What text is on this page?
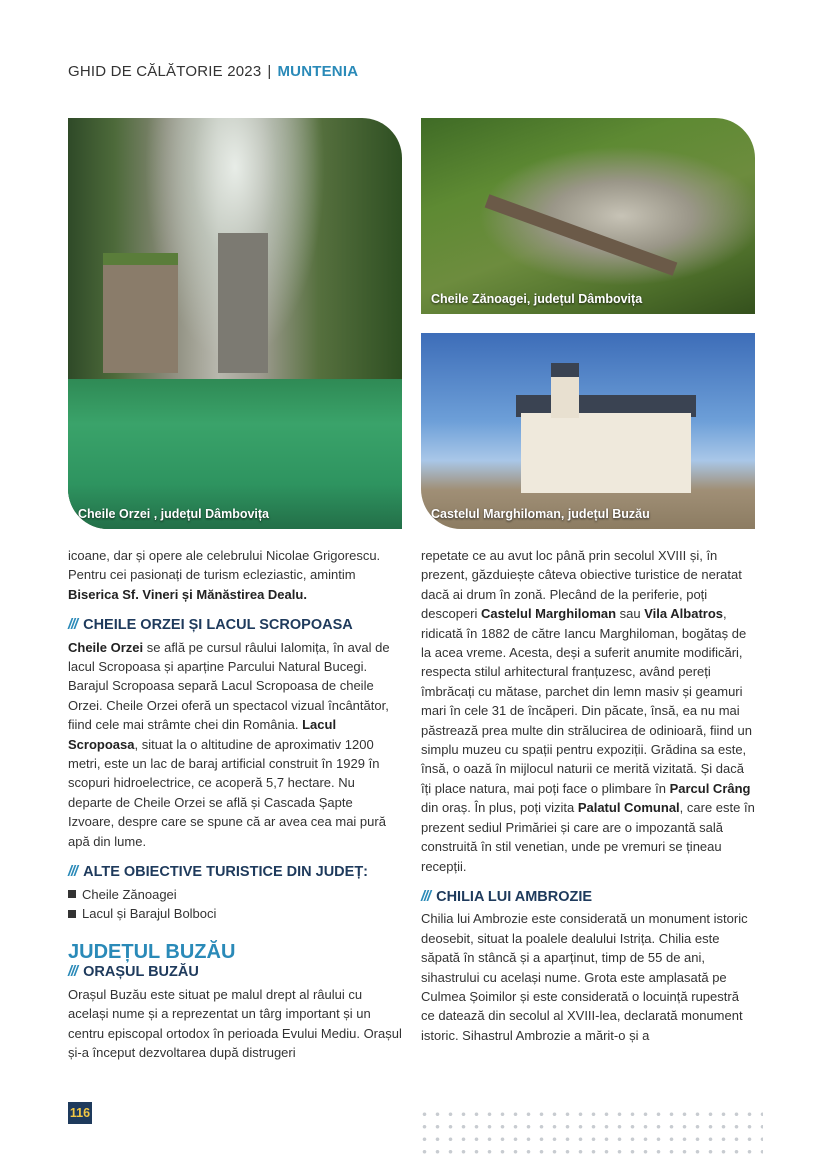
GHID DE CĂLĂTORIE 2023 | MUNTENIA
Cheile Orzei , județul Dâmbovița
Cheile Zănoagei, județul Dâmbovița
Castelul Marghiloman, județul Buzău

icoane, dar și opere ale celebrului Nicolae Grigorescu. Pentru cei pasionați de turism ecleziastic, amintim Biserica Sf. Vineri și Mănăstirea Dealu.

/// CHEILE ORZEI ȘI LACUL SCROPOASA

Cheile Orzei se află pe cursul râului Ialomița, în aval de lacul Scropoasa și aparține Parcului Natural Bucegi. Barajul Scropoasa separă Lacul Scropoasa de cheile Orzei. Cheile Orzei oferă un spectacol vizual încântător, fiind cele mai strâmte chei din România. Lacul Scropoasa, situat la o altitudine de aproximativ 1200 metri, este un lac de baraj artificial construit în 1929 în scopuri hidroelectrice, ce acoperă 5,7 hectare. Nu departe de Cheile Orzei se află și Cascada Șapte Izvoare, despre care se spune că ar avea cea mai pură apă din lume.

/// ALTE OBIECTIVE TURISTICE DIN JUDEȚ:
Cheile Zănoagei
Lacul și Barajul Bolboci
JUDEȚUL BUZĂU
/// ORAȘUL BUZĂU

Orașul Buzău este situat pe malul drept al râului cu același nume și a reprezentat un târg important și un centru episcopal ortodox în perioada Evului Mediu. Orașul și-a început dezvoltarea după distrugeri

repetate ce au avut loc până prin secolul XVIII și, în prezent, găzduiește câteva obiective turistice de neratat dacă ai drum în zonă. Plecând de la periferie, poți descoperi Castelul Marghiloman sau Vila Albatros, ridicată în 1882 de către Iancu Marghiloman, bogătaș de la acea vreme. Acesta, deși a suferit anumite modificări, respecta stilul arhitectural franțuzesc, având pereți îmbrăcați cu mătase, parchet din lemn masiv și geamuri mari în cele 31 de încăperi. Din păcate, însă, ea nu mai păstrează prea multe din strălucirea de odinioară, fiind un simplu muzeu cu spații pentru expoziții. Grădina sa este, însă, o oază în mijlocul naturii ce merită vizitată. Și dacă îți place natura, mai poți face o plimbare în Parcul Crâng din oraș. În plus, poți vizita Palatul Comunal, care este în prezent sediul Primăriei și care are o impozantă sală construită în stil venetian, unde pe vremuri se țineau recepții.

/// CHILIA LUI AMBROZIE

Chilia lui Ambrozie este considerată un monument istoric deosebit, situat la poalele dealului Istrița. Chilia este săpată în stâncă și a aparținut, timp de 55 de ani, sihastrului cu același nume. Grota este amplasată pe Culmea Șoimilor și este considerată o locuință rupestră ce datează din secolul al XVIII-lea, declarată monument istoric. Sihastrul Ambrozie a mărit-o și a

116
